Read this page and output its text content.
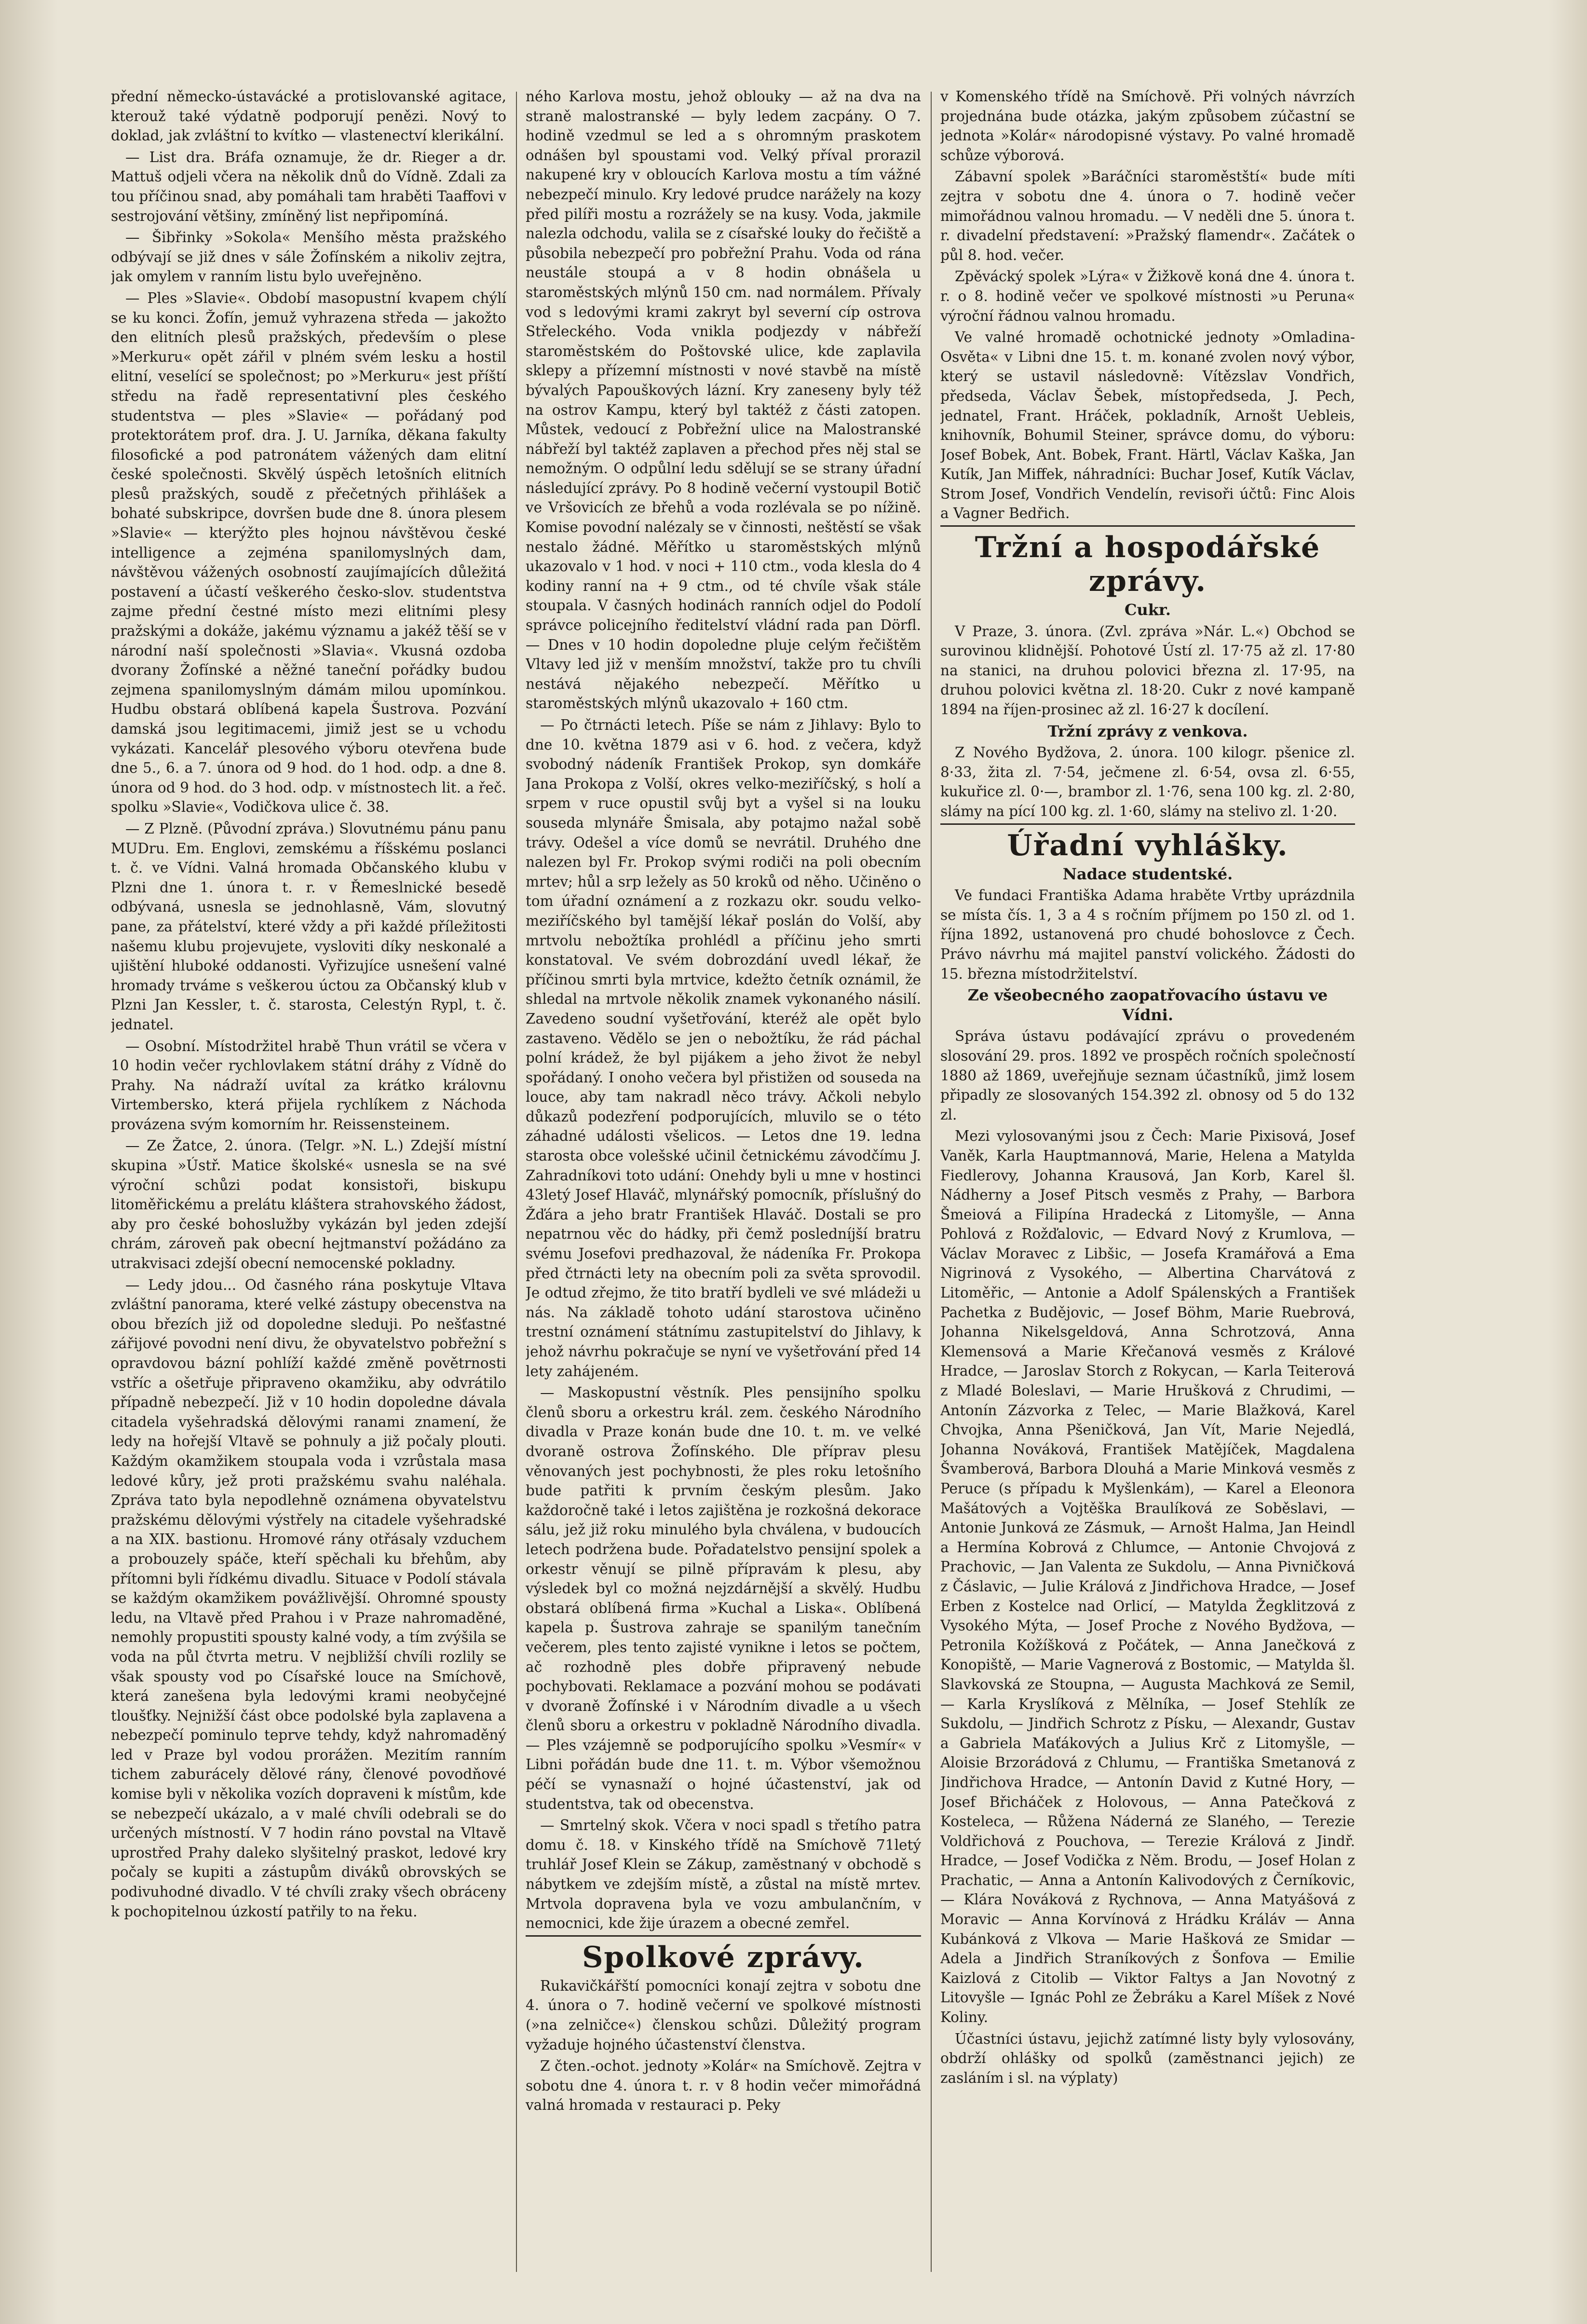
přední německo-ústavácké a protislovanské agitace, kterouž také výdatně podporují penězi. Nový to doklad, jak zvláštní to kvítko — vlastenectví klerikální.

— List dra. Bráfa oznamuje, že dr. Rieger a dr. Mattuš odjeli včera na několik dnů do Vídně. Zdali za tou příčinou snad, aby pomáhali tam hraběti Taaffovi v sestrojování většiny, zmíněný list nepřipomíná.

— Šibřinky »Sokola« Menšího města pražského odbývají se již dnes v sále Žofínském a nikoliv zejtra, jak omylem v ranním listu bylo uveřejněno.

— Ples »Slavie«. Období masopustní kvapem chýlí se ku konci. Žofín, jemuž vyhrazena středa — jakožto den elitních plesů pražských, především o plese »Merkuru« opět zářil v plném svém lesku a hostil elitní, veselící se společnost; po »Merkuru« jest příští středu na řadě representativní ples českého studentstva — ples »Slavie« — pořádaný pod protektorátem prof. dra. J. U. Jarníka, děkana fakulty filosofické a pod patronátem vážených dam elitní české společnosti. Skvělý úspěch letošních elitních plesů pražských, soudě z přečetných přihlášek a bohaté subskripce, dovršen bude dne 8. února plesem »Slavie« — kterýžto ples hojnou návštěvou české intelligence a zejména spanilomyslných dam, návštěvou vážených osobností zaujímajících důležitá postavení a účastí veškerého česko-slov. studentstva zajme přední čestné místo mezi elitními plesy pražskými a dokáže, jakému významu a jakéž těší se v národní naší společnosti »Slavia«. Vkusná ozdoba dvorany Žofínské a něžné taneční pořádky budou zejmena spanilomyslným dámám milou upomínkou. Hudbu obstará oblíbená kapela Šustrova. Pozvání damská jsou legitimacemi, jimiž jest se u vchodu vykázati. Kancelář plesového výboru otevřena bude dne 5., 6. a 7. února od 9 hod. do 1 hod. odp. a dne 8. února od 9 hod. do 3 hod. odp. v místnostech lit. a řeč. spolku »Slavie«, Vodičkova ulice č. 38.

— Z Plzně. (Původní zpráva.) Slovutnému pánu panu MUDru. Em. Englovi, zemskému a říšskému poslanci t. č. ve Vídni. Valná hromada Občanského klubu v Plzni dne 1. února t. r. v Řemeslnické besedě odbývaná, usnesla se jednohlasně, Vám, slovutný pane, za přátelství, které vždy a při každé příležitosti našemu klubu projevujete, vysloviti díky neskonalé a ujištění hluboké oddanosti. Vyřizujíce usnešení valné hromady trváme s veškerou úctou za Občanský klub v Plzni Jan Kessler, t. č. starosta, Celestýn Rypl, t. č. jednatel.

— Osobní. Místodržitel hrabě Thun vrátil se včera v 10 hodin večer rychlovlakem státní dráhy z Vídně do Prahy. Na nádraží uvítal za krátko královnu Virtembersko, která přijela rychlíkem z Náchoda provázena svým komorním hr. Reissensteinem.

— Ze Žatce, 2. února. (Telgr. »N. L.) Zdejší místní skupina »Ústř. Matice školské« usnesla se na své výroční schůzi podat konsistoři, biskupu litoměřickému a prelátu kláštera strahovského žádost, aby pro české bohoslužby vykázán byl jeden zdejší chrám, zároveň pak obecní hejtmanství požádáno za utrakvisaci zdejší obecní nemocenské pokladny.

— Ledy jdou... Od časného rána poskytuje Vltava zvláštní panorama, které velké zástupy obecenstva na obou březích již od dopoledne sleduji. Po nešťastné zářijové povodni není divu, že obyvatelstvo pobřežní s opravdovou bázní pohlíží každé změně povětrnosti vstříc a ošetřuje připraveno okamžiku, aby odvrátilo případně nebezpečí. Již v 10 hodin dopoledne dávala citadela vyšehradská dělovými ranami znamení, že ledy na hořejší Vltavě se pohnuly a již počaly plouti. Každým okamžikem stoupala voda i vzrůstala masa ledové kůry, jež proti pražskému svahu naléhala. Zpráva tato byla nepodlehně oznámena obyvatelstvu pražskému dělovými výstřely na citadele vyšehradské a na XIX. bastionu. Hromové rány otřásaly vzduchem a probouzely spáče, kteří spěchali ku břehům, aby přítomni byli řídkému divadlu. Situace v Podolí stávala se každým okamžikem povážlivější. Ohromné spousty ledu, na Vltavě před Prahou i v Praze nahromaděné, nemohly propustiti spousty kalné vody, a tím zvýšila se voda na půl čtvrta metru. V nejbližší chvíli rozlily se však spousty vod po Císařské louce na Smíchově, která zanešena byla ledovými krami neobyčejné tloušťky. Nejnižší část obce podolské byla zaplavena a nebezpečí pominulo teprve tehdy, když nahromaděný led v Praze byl vodou prorážen. Mezitím ranním tichem zaburácely dělové rány, členové povodňové komise byli v několika vozích dopraveni k místům, kde se nebezpečí ukázalo, a v malé chvíli odebrali se do určených místností. V 7 hodin ráno povstal na Vltavě uprostřed Prahy daleko slyšitelný praskot, ledové kry počaly se kupiti a zástupům diváků obrovských se podivuhodné divadlo. V té chvíli zraky všech obráceny k pochopitelnou úzkostí patřily to na řeku.

ného Karlova mostu, jehož oblouky — až na dva na straně malostranské — byly ledem zacpány. O 7. hodině vzedmul se led a s ohromným praskotem odnášen byl spoustami vod. Velký příval prorazil nakupené kry v obloucích Karlova mostu a tím vážné nebezpečí minulo. Kry ledové prudce narážely na kozy před pilíři mostu a rozrážely se na kusy. Voda, jakmile nalezla odchodu, valila se z císařské louky do řečiště a působila nebezpečí pro pobřežní Prahu. Voda od rána neustále stoupá a v 8 hodin obnášela u staroměstských mlýnů 150 cm. nad normálem. Přívaly vod s ledovými krami zakryt byl severní cíp ostrova Střeleckého. Voda vnikla podjezdy v nábřeží staroměstském do Poštovské ulice, kde zaplavila sklepy a přízemní místnosti v nové stavbě na místě bývalých Papouškových lázní. Kry zaneseny byly též na ostrov Kampu, který byl taktéž z části zatopen. Můstek, vedoucí z Pobřežní ulice na Malostranské nábřeží byl taktéž zaplaven a přechod přes něj stal se nemožným. O odpůlní ledu sdělují se se strany úřadní následující zprávy. Po 8 hodině večerní vystoupil Botič ve Vršovicích ze břehů a voda rozlévala se po nížině. Komise povodní nalézaly se v činnosti, neštěstí se však nestalo žádné. Měřítko u staroměstských mlýnů ukazovalo v 1 hod. v noci + 110 ctm., voda klesla do 4 kodiny ranní na + 9 ctm., od té chvíle však stále stoupala. V časných hodinách ranních odjel do Podolí správce policejního ředitelství vládní rada pan Dörfl. — Dnes v 10 hodin dopoledne pluje celým řečištěm Vltavy led již v menším množství, takže pro tu chvíli nestává nějakého nebezpečí. Měřítko u staroměstských mlýnů ukazovalo + 160 ctm.

— Po čtrnácti letech. Píše se nám z Jihlavy: Bylo to dne 10. května 1879 asi v 6. hod. z večera, když svobodný nádeník František Prokop, syn domkáře Jana Prokopa z Volší, okres velko-meziříčský, s holí a srpem v ruce opustil svůj byt a vyšel si na louku souseda mlynáře Šmisala, aby potajmo nažal sobě trávy. Odešel a více domů se nevrátil. Druhého dne nalezen byl Fr. Prokop svými rodiči na poli obecním mrtev; hůl a srp ležely as 50 kroků od něho. Učiněno o tom úřadní oznámení a z rozkazu okr. soudu velko-meziříčského byl tamější lékař poslán do Volší, aby mrtvolu nebožtíka prohlédl a příčinu jeho smrti konstatoval. Ve svém dobrozdání uvedl lékař, že příčinou smrti byla mrtvice, kdežto četník oznámil, že shledal na mrtvole několik znamek vykonaného násilí. Zavedeno soudní vyšetřování, kteréž ale opět bylo zastaveno. Vědělo se jen o nebožtíku, že rád páchal polní krádež, že byl pijákem a jeho život že nebyl spořádaný. I onoho večera byl přistižen od souseda na louce, aby tam nakradl něco trávy. Ačkoli nebylo důkazů podezření podporujících, mluvilo se o této záhadné události všelicos. — Letos dne 19. ledna starosta obce volešské učinil četnickému závodčímu J. Zahradníkovi toto udání: Onehdy byli u mne v hostinci 43letý Josef Hlaváč, mlynářský pomocník, příslušný do Žďára a jeho bratr František Hlaváč. Dostali se pro nepatrnou věc do hádky, při čemž posledníjší bratru svému Josefovi predhazoval, že nádeníka Fr. Prokopa před čtrnácti lety na obecním poli za světa sprovodil. Je odtud zřejmo, že tito bratří bydleli ve své mládeži u nás. Na základě tohoto udání starostova učiněno trestní oznámení státnímu zastupitelství do Jihlavy, k jehož návrhu pokračuje se nyní ve vyšetřování před 14 lety zahájeném.

— Maskopustní věstník. Ples pensijního spolku členů sboru a orkestru král. zem. českého Národního divadla v Praze konán bude dne 10. t. m. ve velké dvoraně ostrova Žofínského. Dle příprav plesu věnovaných jest pochybnosti, že ples roku letošního bude patřiti k prvním českým plesům. Jako každoročně také i letos zajištěna je rozkošná dekorace sálu, jež již roku minulého byla chválena, v budoucích letech podržena bude. Pořadatelstvo pensijní spolek a orkestr věnují se pilně přípravám k plesu, aby výsledek byl co možná nejzdárnější a skvělý. Hudbu obstará oblíbená firma »Kuchal a Liska«. Oblíbená kapela p. Šustrova zahraje se spanilým tanečním večerem, ples tento zajisté vynikne i letos se počtem, ač rozhodně ples dobře připravený nebude pochybovati. Reklamace a pozvání mohou se podávati v dvoraně Žofínské i v Národním divadle a u všech členů sboru a orkestru v pokladně Národního divadla. — Ples vzájemně se podporujícího spolku »Vesmír« v Libni pořádán bude dne 11. t. m. Výbor všemožnou péčí se vynasnaží o hojné účastenství, jak od studentstva, tak od obecenstva.

— Smrtelný skok. Včera v noci spadl s třetího patra domu č. 18. v Kinského třídě na Smíchově 71letý truhlář Josef Klein se Zákup, zaměstnaný v obchodě s nábytkem ve zdejším místě, a zůstal na místě mrtev. Mrtvola dopravena byla ve vozu ambulančním, v nemocnici, kde žije úrazem a obecné zemřel.

Spolkové zprávy.

Rukavičkářští pomocníci konají zejtra v sobotu dne 4. února o 7. hodině večerní ve spolkové místnosti (»na zelničce«) členskou schůzi. Důležitý program vyžaduje hojného účastenství členstva.

Z čten.-ochot. jednoty »Kolár« na Smíchově. Zejtra v sobotu dne 4. února t. r. v 8 hodin večer mimořádná valná hromada v restauraci p. Peky

v Komenského třídě na Smíchově. Při volných návrzích projednána bude otázka, jakým způsobem zúčastní se jednota »Kolár« národopisné výstavy. Po valné hromadě schůze výborová.

Zábavní spolek »Baráčníci staroměstští« bude míti zejtra v sobotu dne 4. února o 7. hodině večer mimořádnou valnou hromadu. — V neděli dne 5. února t. r. divadelní představení: »Pražský flamendr«. Začátek o půl 8. hod. večer.

Zpěvácký spolek »Lýra« v Žižkově koná dne 4. února t. r. o 8. hodině večer ve spolkové místnosti »u Peruna« výroční řádnou valnou hromadu.

Ve valné hromadě ochotnické jednoty »Omladina-Osvěta« v Libni dne 15. t. m. konané zvolen nový výbor, který se ustavil následovně: Vítězslav Vondřich, předseda, Václav Šebek, místopředseda, J. Pech, jednatel, Frant. Hráček, pokladník, Arnošt Uebleis, knihovník, Bohumil Steiner, správce domu, do výboru: Josef Bobek, Ant. Bobek, Frant. Härtl, Václav Kaška, Jan Kutík, Jan Miffek, náhradníci: Buchar Josef, Kutík Václav, Strom Josef, Vondřich Vendelín, revisoři účtů: Finc Alois a Vagner Bedřich.

Tržní a hospodářské zprávy.

Cukr.

V Praze, 3. února. (Zvl. zpráva »Nár. L.«) Obchod se surovinou klidnější. Pohotové Ústí zl. 17·75 až zl. 17·80 na stanici, na druhou polovici března zl. 17·95, na druhou polovici května zl. 18·20. Cukr z nové kampaně 1894 na říjen-prosinec až zl. 16·27 k docílení.

Tržní zprávy z venkova.

Z Nového Bydžova, 2. února. 100 kilogr. pšenice zl. 8·33, žita zl. 7·54, ječmene zl. 6·54, ovsa zl. 6·55, kukuřice zl. 0·—, brambor zl. 1·76, sena 100 kg. zl. 2·80, slámy na pící 100 kg. zl. 1·60, slámy na stelivo zl. 1·20.

Úřadní vyhlášky.

Nadace studentské.

Ve fundaci Františka Adama hraběte Vrtby uprázdnila se místa čís. 1, 3 a 4 s ročním příjmem po 150 zl. od 1. října 1892, ustanovená pro chudé bohoslovce z Čech. Právo návrhu má majitel panství volického. Žádosti do 15. března místodržitelství.

Ze všeobecného zaopatřovacího ústavu ve Vídni.

Správa ústavu podávající zprávu o provedeném slosování 29. pros. 1892 ve prospěch ročních společností 1880 až 1869, uveřejňuje seznam účastníků, jimž losem připadly ze slosovaných 154.392 zl. obnosy od 5 do 132 zl.

Mezi vylosovanými jsou z Čech: Marie Pixisová, Josef Vaněk, Karla Hauptmannová, Marie, Helena a Matylda Fiedlerovy, Johanna Krausová, Jan Korb, Karel šl. Nádherny a Josef Pitsch vesměs z Prahy, — Barbora Šmeiová a Filipína Hradecká z Litomyšle, — Anna Pohlová z Rožďalovic, — Edvard Nový z Krumlova, — Václav Moravec z Libšic, — Josefa Kramářová a Ema Nigrinová z Vysokého, — Albertina Charvátová z Litoměřic, — Antonie a Adolf Spálenských a František Pachetka z Budějovic, — Josef Böhm, Marie Ruebrová, Johanna Nikelsgeldová, Anna Schrotzová, Anna Klemensová a Marie Křečanová vesměs z Králové Hradce, — Jaroslav Storch z Rokycan, — Karla Teiterová z Mladé Boleslavi, — Marie Hrušková z Chrudimi, — Antonín Zázvorka z Telec, — Marie Blažková, Karel Chvojka, Anna Pšeničková, Jan Vít, Marie Nejedlá, Johanna Nováková, František Matějíček, Magdalena Švamberová, Barbora Dlouhá a Marie Minková vesměs z Peruce (s případu k Myšlenkám), — Karel a Eleonora Mašátových a Vojtěška Braulíková ze Soběslavi, — Antonie Junková ze Zásmuk, — Arnošt Halma, Jan Heindl a Hermína Kobrová z Chlumce, — Antonie Chvojová z Prachovic, — Jan Valenta ze Sukdolu, — Anna Pivničková z Čáslavic, — Julie Králová z Jindřichova Hradce, — Josef Erben z Kostelce nad Orlicí, — Matylda Žegklitzová z Vysokého Mýta, — Josef Proche z Nového Bydžova, — Petronila Kožíšková z Počátek, — Anna Janečková z Konopiště, — Marie Vagnerová z Bostomic, — Matylda šl. Slavkovská ze Stoupna, — Augusta Machková ze Semil, — Karla Kryslíková z Mělníka, — Josef Stehlík ze Sukdolu, — Jindřich Schrotz z Písku, — Alexandr, Gustav a Gabriela Maťákových a Julius Krč z Litomyšle, — Aloisie Brzorádová z Chlumu, — Františka Smetanová z Jindřichova Hradce, — Antonín David z Kutné Hory, — Josef Břicháček z Holovous, — Anna Patečková z Kosteleca, — Růžena Náderná ze Slaného, — Terezie Voldřichová z Pouchova, — Terezie Králová z Jindř. Hradce, — Josef Vodička z Něm. Brodu, — Josef Holan z Prachatic, — Anna a Antonín Kalivodových z Černíkovic, — Klára Nováková z Rychnova, — Anna Matyášová z Moravic — Anna Korvínová z Hrádku Králáv — Anna Kubánková z Vlkova — Marie Hašková ze Smidar — Adela a Jindřich Straníkových z Šonfova — Emilie Kaizlová z Citolib — Viktor Faltys a Jan Novotný z Litovyšle — Ignác Pohl ze Žebráku a Karel Míšek z Nové Koliny.

Účastníci ústavu, jejichž zatímné listy byly vylosovány, obdrží ohlášky od spolků (zaměstnanci jejich) ze zasláním i sl. na výplaty)
